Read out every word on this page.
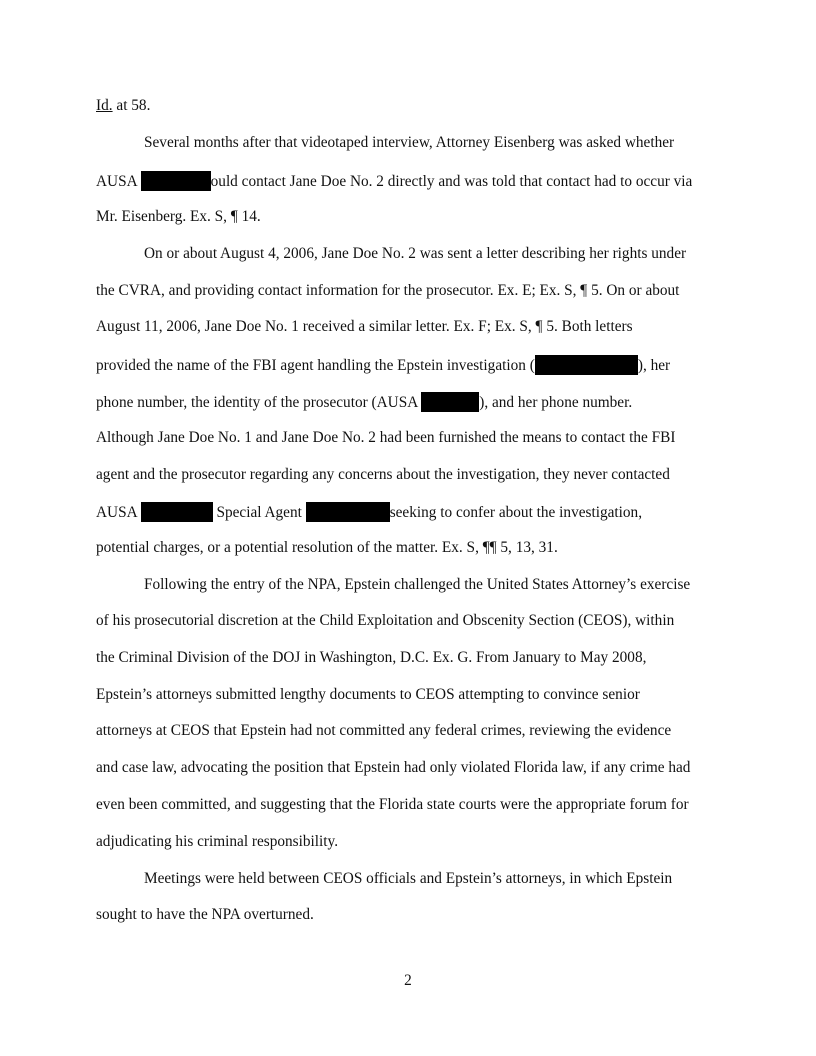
Id. at 58.
Several months after that videotaped interview, Attorney Eisenberg was asked whether
AUSA	ould contact Jane Doe No. 2 directly and was told that contact had to occur via
Mr. Eisenberg. Ex. S, ¶ 14.
On or about August 4, 2006, Jane Doe No. 2 was sent a letter describing her rights under
the CVRA, and providing contact information for the prosecutor. Ex. E; Ex. S, ¶ 5. On or about
August 11, 2006, Jane Doe No. 1 received a similar letter. Ex. F; Ex. S, ¶ 5. Both letters
provided the name of the FBI agent handling the Epstein investigation (	), her
phone number, the identity of the prosecutor (AUSA	), and her phone number.
Although Jane Doe No. 1 and Jane Doe No. 2 had been furnished the means to contact the FBI
agent and the prosecutor regarding any concerns about the investigation, they never contacted
AUSA	Special Agent	seeking to confer about the investigation,
potential charges, or a potential resolution of the matter. Ex. S, ¶¶ 5, 13, 31.
Following the entry of the NPA, Epstein challenged the United States Attorney’s exercise
of his prosecutorial discretion at the Child Exploitation and Obscenity Section (CEOS), within
the Criminal Division of the DOJ in Washington, D.C. Ex. G. From January to May 2008,
Epstein’s attorneys submitted lengthy documents to CEOS attempting to convince senior
attorneys at CEOS that Epstein had not committed any federal crimes, reviewing the evidence
and case law, advocating the position that Epstein had only violated Florida law, if any crime had
even been committed, and suggesting that the Florida state courts were the appropriate forum for
adjudicating his criminal responsibility.
Meetings were held between CEOS officials and Epstein’s attorneys, in which Epstein
sought to have the NPA overturned.
2
